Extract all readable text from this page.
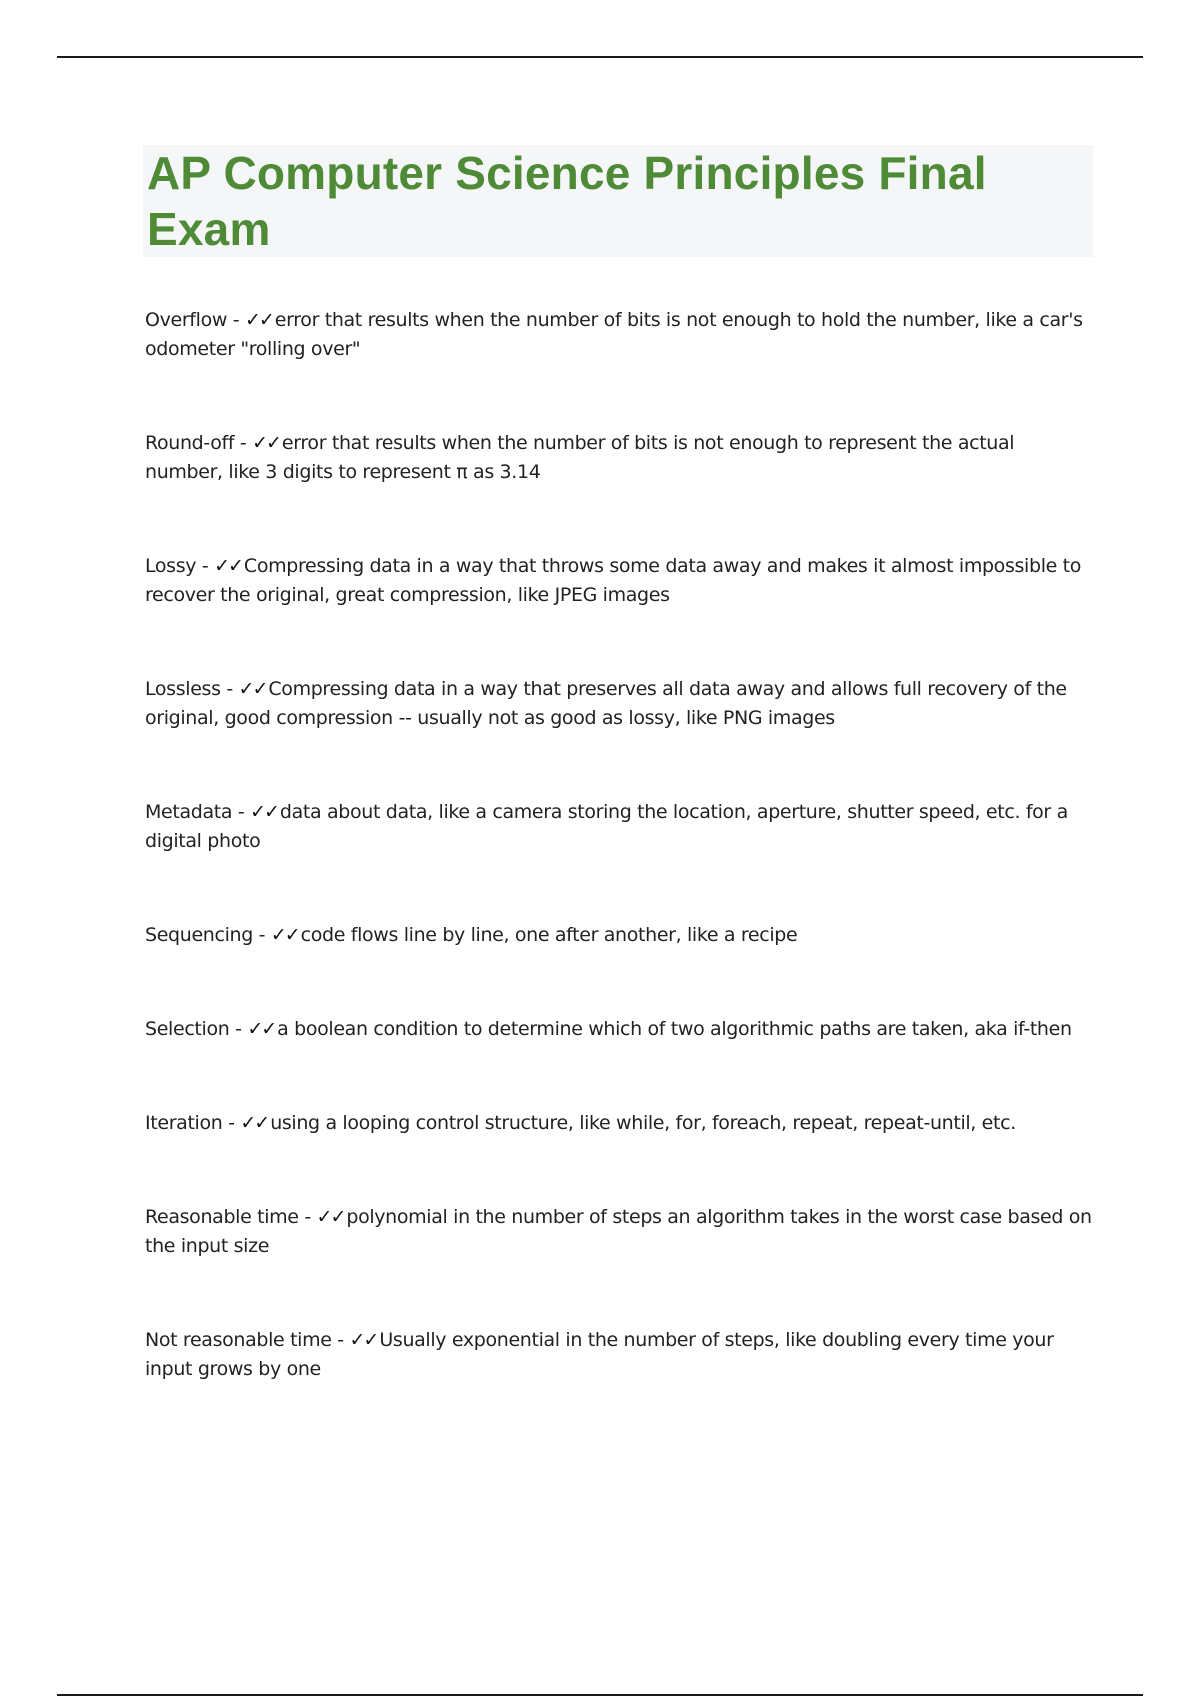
AP Computer Science Principles Final Exam

Overflow - ✓✓ error that results when the number of bits is not enough to hold the number, like a car's odometer "rolling over"

Round-off - ✓✓ error that results when the number of bits is not enough to represent the actual number, like 3 digits to represent π as 3.14

Lossy - ✓✓ Compressing data in a way that throws some data away and makes it almost impossible to recover the original, great compression, like JPEG images

Lossless - ✓✓ Compressing data in a way that preserves all data away and allows full recovery of the original, good compression -- usually not as good as lossy, like PNG images

Metadata - ✓✓ data about data, like a camera storing the location, aperture, shutter speed, etc. for a digital photo

Sequencing - ✓✓ code flows line by line, one after another, like a recipe

Selection - ✓✓ a boolean condition to determine which of two algorithmic paths are taken, aka if-then

Iteration - ✓✓ using a looping control structure, like while, for, foreach, repeat, repeat-until, etc.

Reasonable time - ✓✓ polynomial in the number of steps an algorithm takes in the worst case based on the input size

Not reasonable time - ✓✓ Usually exponential in the number of steps, like doubling every time your input grows by one
